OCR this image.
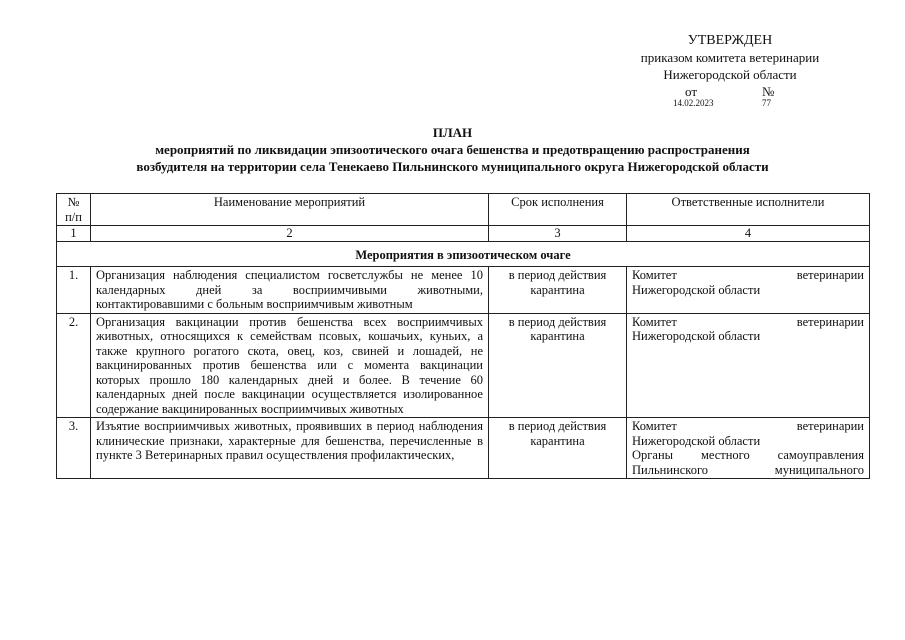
УТВЕРЖДЕН
приказом комитета ветеринарии
Нижегородской области
от	№
14.02.2023	77
ПЛАН
мероприятий по ликвидации эпизоотического очага бешенства и предотвращению распространения
возбудителя на территории села Тенекаево Пильнинского муниципального округа Нижегородской области
№ п/п	Наименование мероприятий	Срок исполнения	Ответственные исполнители
1	2	3	4
Мероприятия в эпизоотическом очаге			
1.	Организация наблюдения специалистом госветслужбы не менее 10 календарных дней за восприимчивыми животными, контактировавшими с больным восприимчивым животным	в период действия карантина	Комитет ветеринарии
Нижегородской области
2.	Организация вакцинации против бешенства всех восприимчивых животных, относящихся к семействам псовых, кошачьих, куньих, а также крупного рогатого скота, овец, коз, свиней и лошадей, не вакцинированных против бешенства или с момента вакцинации которых прошло 180 календарных дней и более. В течение 60 календарных дней после вакцинации осуществляется изолированное содержание вакцинированных восприимчивых животных	в период действия карантина	Комитет ветеринарии
Нижегородской области
3.	Изъятие восприимчивых животных, проявивших в период наблюдения клинические признаки, характерные для бешенства, перечисленные в пункте 3 Ветеринарных правил осуществления профилактических,	в период действия карантина	Комитет ветеринарии
Нижегородской области
Органы местного самоуправления
Пильнинского муниципального
